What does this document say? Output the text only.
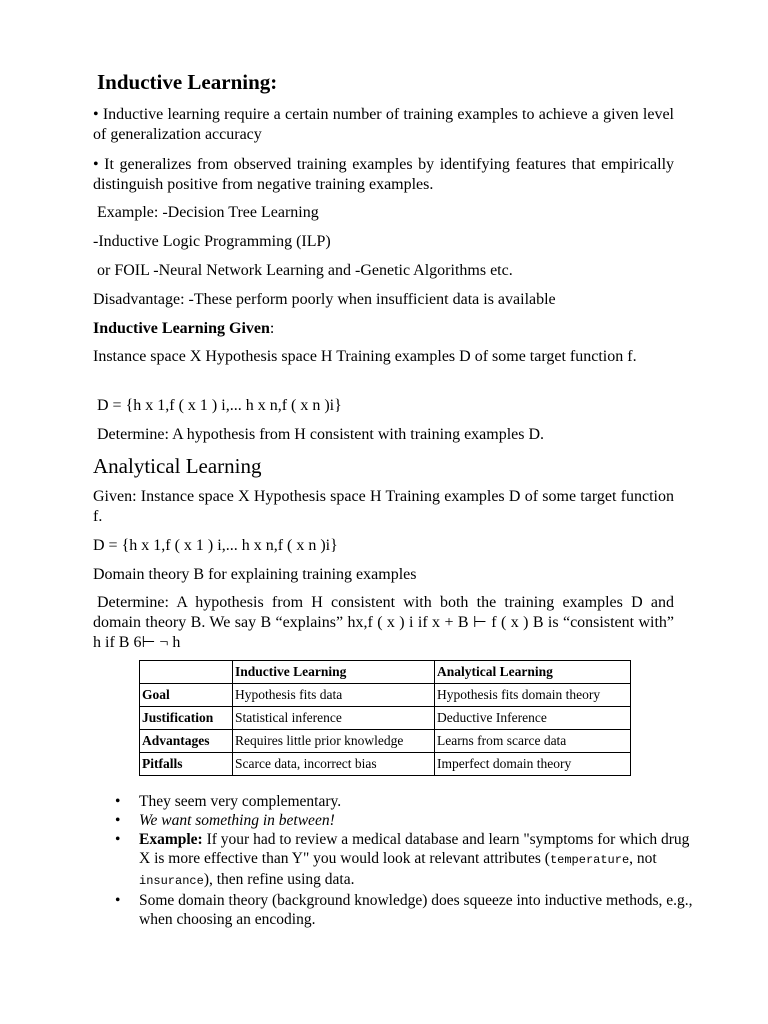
Inductive Learning:
• Inductive learning require a certain number of training examples to achieve a given level of generalization accuracy
• It generalizes from observed training examples by identifying features that empirically distinguish positive from negative training examples.
Example: -Decision Tree Learning
-Inductive Logic Programming (ILP)
or FOIL -Neural Network Learning and -Genetic Algorithms etc.
Disadvantage: -These perform poorly when insufficient data is available
Inductive Learning Given:
Instance space X Hypothesis space H Training examples D of some target function f.
D = {h x 1,f ( x 1 ) i,... h x n,f ( x n )i}
Determine: A hypothesis from H consistent with training examples D.
Analytical Learning
Given: Instance space X Hypothesis space H Training examples D of some target function f.
D = {h x 1,f ( x 1 ) i,... h x n,f ( x n )i}
Domain theory B for explaining training examples
Determine: A hypothesis from H consistent with both the training examples D and domain theory B. We say B “explains” hx,f ( x ) i if x + B ⊢ f ( x ) B is “consistent with” h if B 6⊢ ¬ h
	Inductive Learning	Analytical Learning
Goal	Hypothesis fits data	Hypothesis fits domain theory
Justification	Statistical inference	Deductive Inference
Advantages	Requires little prior knowledge	Learns from scarce data
Pitfalls	Scarce data, incorrect bias	Imperfect domain theory
• They seem very complementary.
• We want something in between!
• Example: If your had to review a medical database and learn "symptoms for which drug X is more effective than Y" you would look at relevant attributes (temperature, not insurance), then refine using data.
• Some domain theory (background knowledge) does squeeze into inductive methods, e.g., when choosing an encoding.
